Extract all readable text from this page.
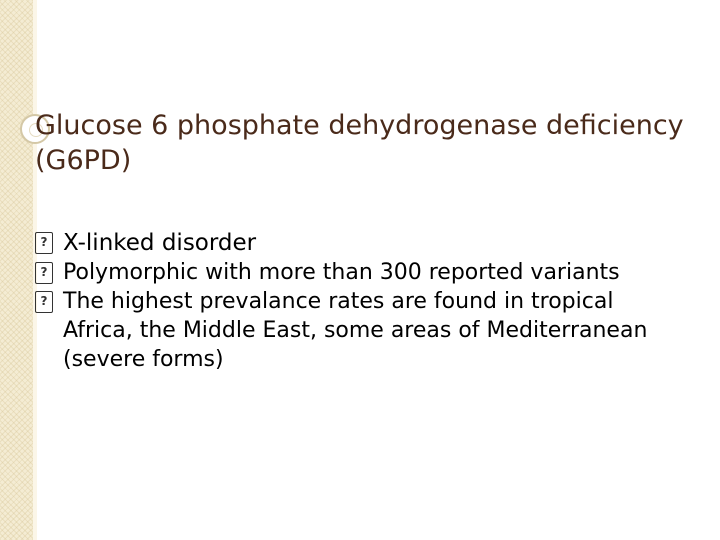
Glucose 6 phosphate dehydrogenase deficiency (G6PD)
?
X-linked disorder
?
Polymorphic with more than 300 reported variants
?
The highest prevalance rates are found in tropical Africa, the Middle East, some areas of Mediterranean (severe forms)
